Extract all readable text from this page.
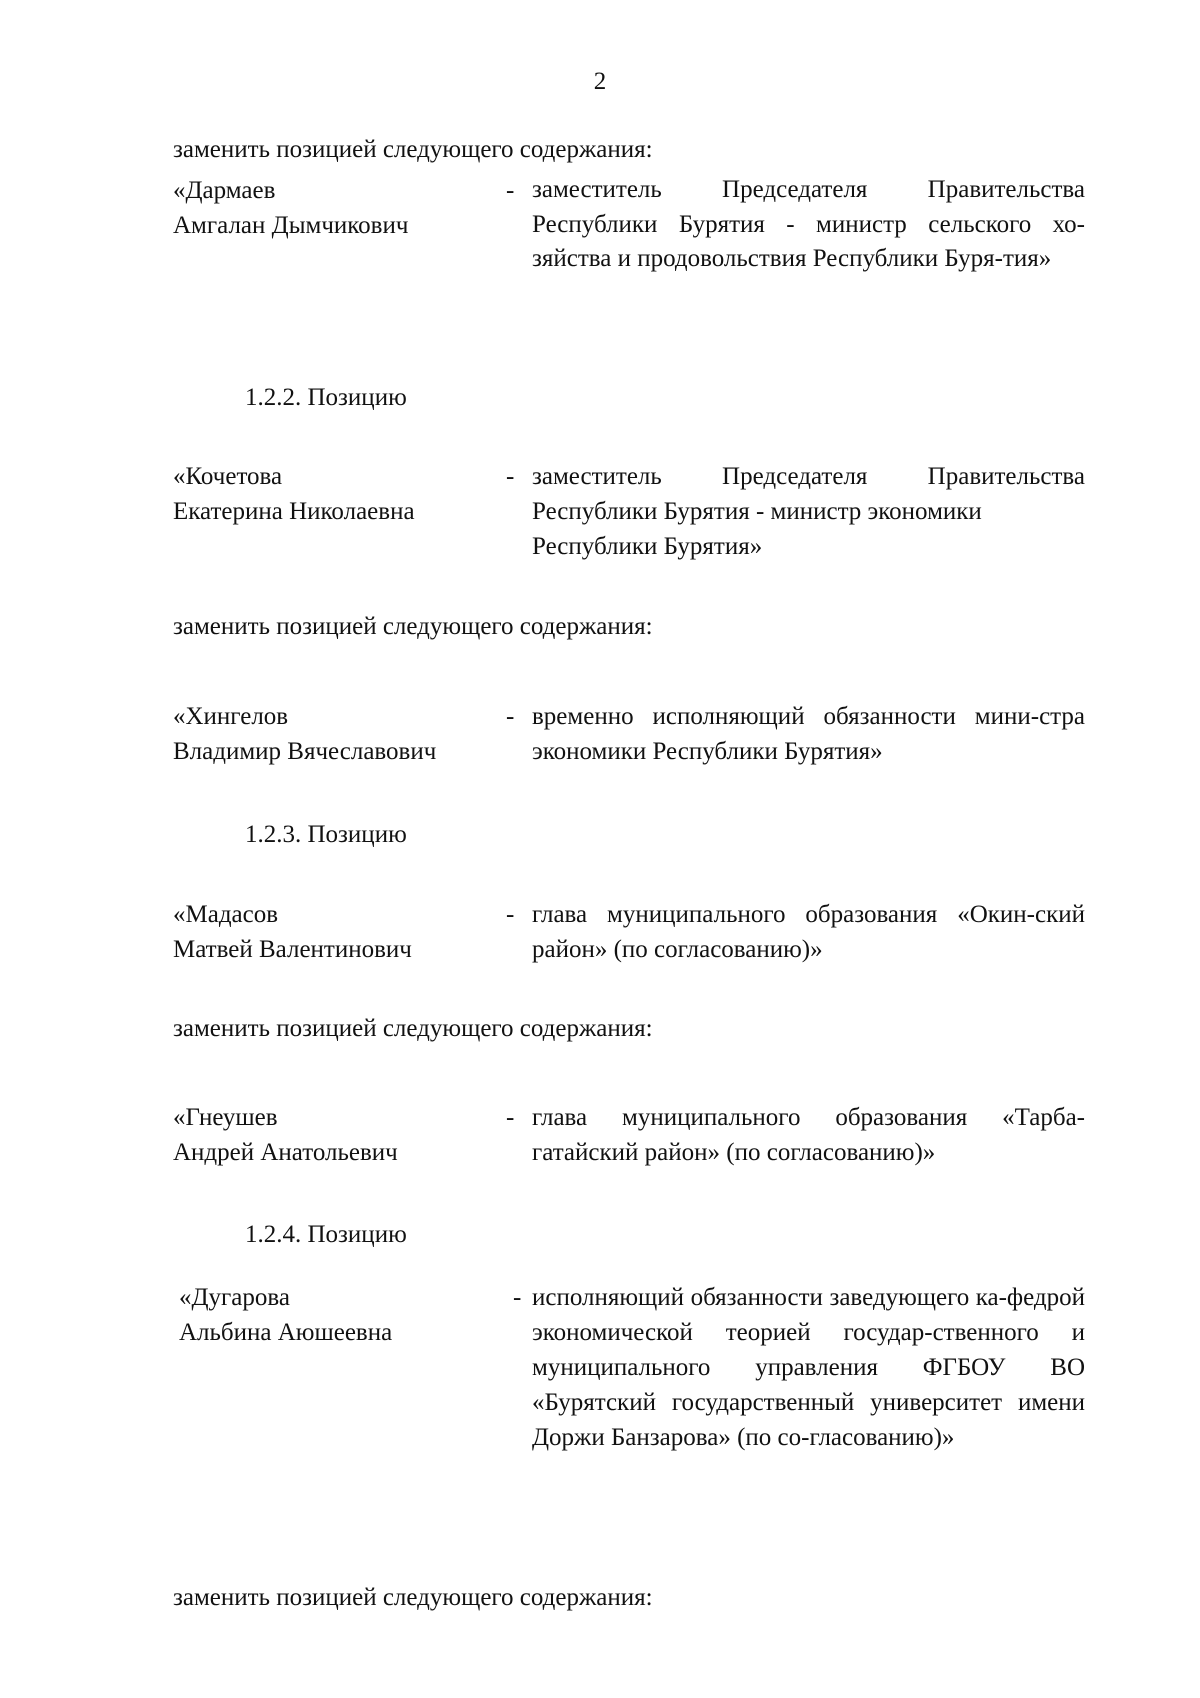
2
заменить позицией следующего содержания:
«Дармаев
Амгалан Дымчикович
- заместитель Председателя Правительства Республики Бурятия - министр сельского хо-зяйства и продовольствия Республики Буря-тия»
1.2.2. Позицию
«Кочетова
Екатерина Николаевна
- заместитель Председателя Правительства Республики Бурятия - министр экономики
Республики Бурятия»
заменить позицией следующего содержания:
«Хингелов
Владимир Вячеславович
- временно исполняющий обязанности мини-стра экономики Республики Бурятия»
1.2.3. Позицию
«Мадасов
Матвей Валентинович
- глава муниципального образования «Окин-ский район» (по согласованию)»
заменить позицией следующего содержания:
«Гнеушев
Андрей Анатольевич
- глава муниципального образования «Тарба-гатайский район» (по согласованию)»
1.2.4. Позицию
«Дугарова
Альбина Аюшеевна
- исполняющий обязанности заведующего ка-федрой экономической теорией государ-ственного и муниципального управления ФГБОУ ВО «Бурятский государственный университет имени Доржи Банзарова» (по со-гласованию)»
заменить позицией следующего содержания:
